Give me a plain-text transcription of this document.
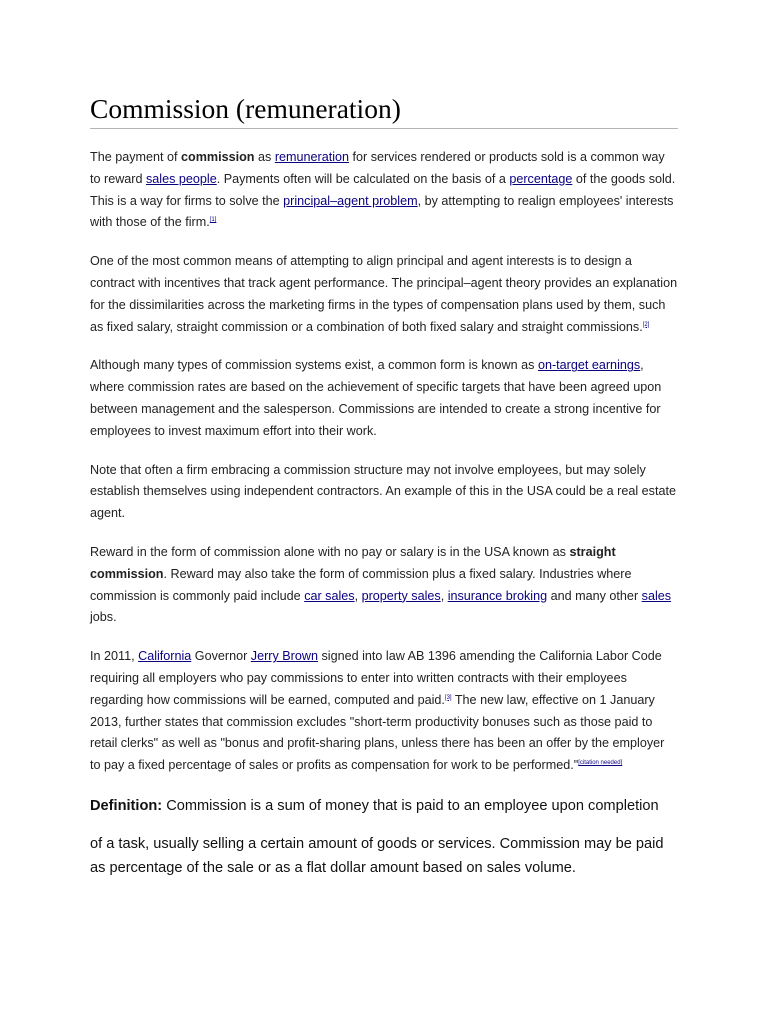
Commission (remuneration)

The payment of commission as remuneration for services rendered or products sold is a common way to reward sales people. Payments often will be calculated on the basis of a percentage of the goods sold. This is a way for firms to solve the principal–agent problem, by attempting to realign employees' interests with those of the firm.[1]

One of the most common means of attempting to align principal and agent interests is to design a contract with incentives that track agent performance. The principal–agent theory provides an explanation for the dissimilarities across the marketing firms in the types of compensation plans used by them, such as fixed salary, straight commission or a combination of both fixed salary and straight commissions.[2]

Although many types of commission systems exist, a common form is known as on-target earnings, where commission rates are based on the achievement of specific targets that have been agreed upon between management and the salesperson. Commissions are intended to create a strong incentive for employees to invest maximum effort into their work.

Note that often a firm embracing a commission structure may not involve employees, but may solely establish themselves using independent contractors. An example of this in the USA could be a real estate agent.

Reward in the form of commission alone with no pay or salary is in the USA known as straight commission. Reward may also take the form of commission plus a fixed salary. Industries where commission is commonly paid include car sales, property sales, insurance broking and many other sales jobs.

In 2011, California Governor Jerry Brown signed into law AB 1396 amending the California Labor Code requiring all employers who pay commissions to enter into written contracts with their employees regarding how commissions will be earned, computed and paid.[3] The new law, effective on 1 January 2013, further states that commission excludes "short-term productivity bonuses such as those paid to retail clerks" as well as "bonus and profit-sharing plans, unless there has been an offer by the employer to pay a fixed percentage of sales or profits as compensation for work to be performed."[citation needed]

Definition: Commission is a sum of money that is paid to an employee upon completion

of a task, usually selling a certain amount of goods or services. Commission may be paid as percentage of the sale or as a flat dollar amount based on sales volume.
